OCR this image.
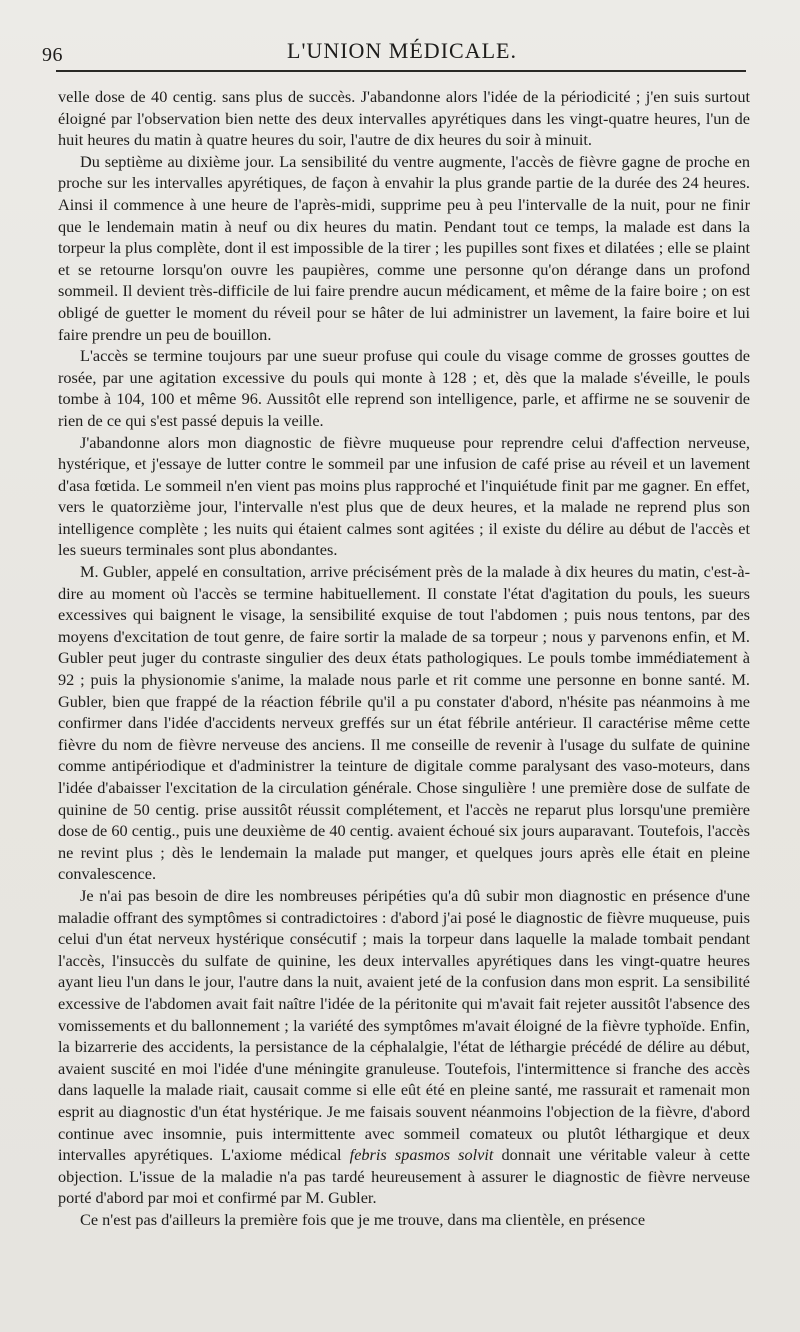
96	L'UNION MÉDICALE.

velle dose de 40 centig. sans plus de succès. J'abandonne alors l'idée de la périodicité ; j'en suis surtout éloigné par l'observation bien nette des deux intervalles apyrétiques dans les vingt-quatre heures, l'un de huit heures du matin à quatre heures du soir, l'autre de dix heures du soir à minuit.

Du septième au dixième jour. La sensibilité du ventre augmente, l'accès de fièvre gagne de proche en proche sur les intervalles apyrétiques, de façon à envahir la plus grande partie de la durée des 24 heures. Ainsi il commence à une heure de l'après-midi, supprime peu à peu l'intervalle de la nuit, pour ne finir que le lendemain matin à neuf ou dix heures du matin. Pendant tout ce temps, la malade est dans la torpeur la plus complète, dont il est impossible de la tirer ; les pupilles sont fixes et dilatées ; elle se plaint et se retourne lorsqu'on ouvre les paupières, comme une personne qu'on dérange dans un profond sommeil. Il devient très-difficile de lui faire prendre aucun médicament, et même de la faire boire ; on est obligé de guetter le moment du réveil pour se hâter de lui administrer un lavement, la faire boire et lui faire prendre un peu de bouillon.

L'accès se termine toujours par une sueur profuse qui coule du visage comme de grosses gouttes de rosée, par une agitation excessive du pouls qui monte à 128 ; et, dès que la malade s'éveille, le pouls tombe à 104, 100 et même 96. Aussitôt elle reprend son intelligence, parle, et affirme ne se souvenir de rien de ce qui s'est passé depuis la veille.

J'abandonne alors mon diagnostic de fièvre muqueuse pour reprendre celui d'affection nerveuse, hystérique, et j'essaye de lutter contre le sommeil par une infusion de café prise au réveil et un lavement d'asa fœtida. Le sommeil n'en vient pas moins plus rapproché et l'inquiétude finit par me gagner. En effet, vers le quatorzième jour, l'intervalle n'est plus que de deux heures, et la malade ne reprend plus son intelligence complète ; les nuits qui étaient calmes sont agitées ; il existe du délire au début de l'accès et les sueurs terminales sont plus abondantes.

M. Gubler, appelé en consultation, arrive précisément près de la malade à dix heures du matin, c'est-à-dire au moment où l'accès se termine habituellement. Il constate l'état d'agitation du pouls, les sueurs excessives qui baignent le visage, la sensibilité exquise de tout l'abdomen ; puis nous tentons, par des moyens d'excitation de tout genre, de faire sortir la malade de sa torpeur ; nous y parvenons enfin, et M. Gubler peut juger du contraste singulier des deux états pathologiques. Le pouls tombe immédiatement à 92 ; puis la physionomie s'anime, la malade nous parle et rit comme une personne en bonne santé. M. Gubler, bien que frappé de la réaction fébrile qu'il a pu constater d'abord, n'hésite pas néanmoins à me confirmer dans l'idée d'accidents nerveux greffés sur un état fébrile antérieur. Il caractérise même cette fièvre du nom de fièvre nerveuse des anciens. Il me conseille de revenir à l'usage du sulfate de quinine comme antipériodique et d'administrer la teinture de digitale comme paralysant des vaso-moteurs, dans l'idée d'abaisser l'excitation de la circulation générale. Chose singulière ! une première dose de sulfate de quinine de 50 centig. prise aussitôt réussit complétement, et l'accès ne reparut plus lorsqu'une première dose de 60 centig., puis une deuxième de 40 centig. avaient échoué six jours auparavant. Toutefois, l'accès ne revint plus ; dès le lendemain la malade put manger, et quelques jours après elle était en pleine convalescence.

Je n'ai pas besoin de dire les nombreuses péripéties qu'a dû subir mon diagnostic en présence d'une maladie offrant des symptômes si contradictoires : d'abord j'ai posé le diagnostic de fièvre muqueuse, puis celui d'un état nerveux hystérique consécutif ; mais la torpeur dans laquelle la malade tombait pendant l'accès, l'insuccès du sulfate de quinine, les deux intervalles apyrétiques dans les vingt-quatre heures ayant lieu l'un dans le jour, l'autre dans la nuit, avaient jeté de la confusion dans mon esprit. La sensibilité excessive de l'abdomen avait fait naître l'idée de la péritonite qui m'avait fait rejeter aussitôt l'absence des vomissements et du ballonnement ; la variété des symptômes m'avait éloigné de la fièvre typhoïde. Enfin, la bizarrerie des accidents, la persistance de la céphalalgie, l'état de léthargie précédé de délire au début, avaient suscité en moi l'idée d'une méningite granuleuse. Toutefois, l'intermittence si franche des accès dans laquelle la malade riait, causait comme si elle eût été en pleine santé, me rassurait et ramenait mon esprit au diagnostic d'un état hystérique. Je me faisais souvent néanmoins l'objection de la fièvre, d'abord continue avec insomnie, puis intermittente avec sommeil comateux ou plutôt léthargique et deux intervalles apyrétiques. L'axiome médical febris spasmos solvit donnait une véritable valeur à cette objection. L'issue de la maladie n'a pas tardé heureusement à assurer le diagnostic de fièvre nerveuse porté d'abord par moi et confirmé par M. Gubler.

Ce n'est pas d'ailleurs la première fois que je me trouve, dans ma clientèle, en présence
